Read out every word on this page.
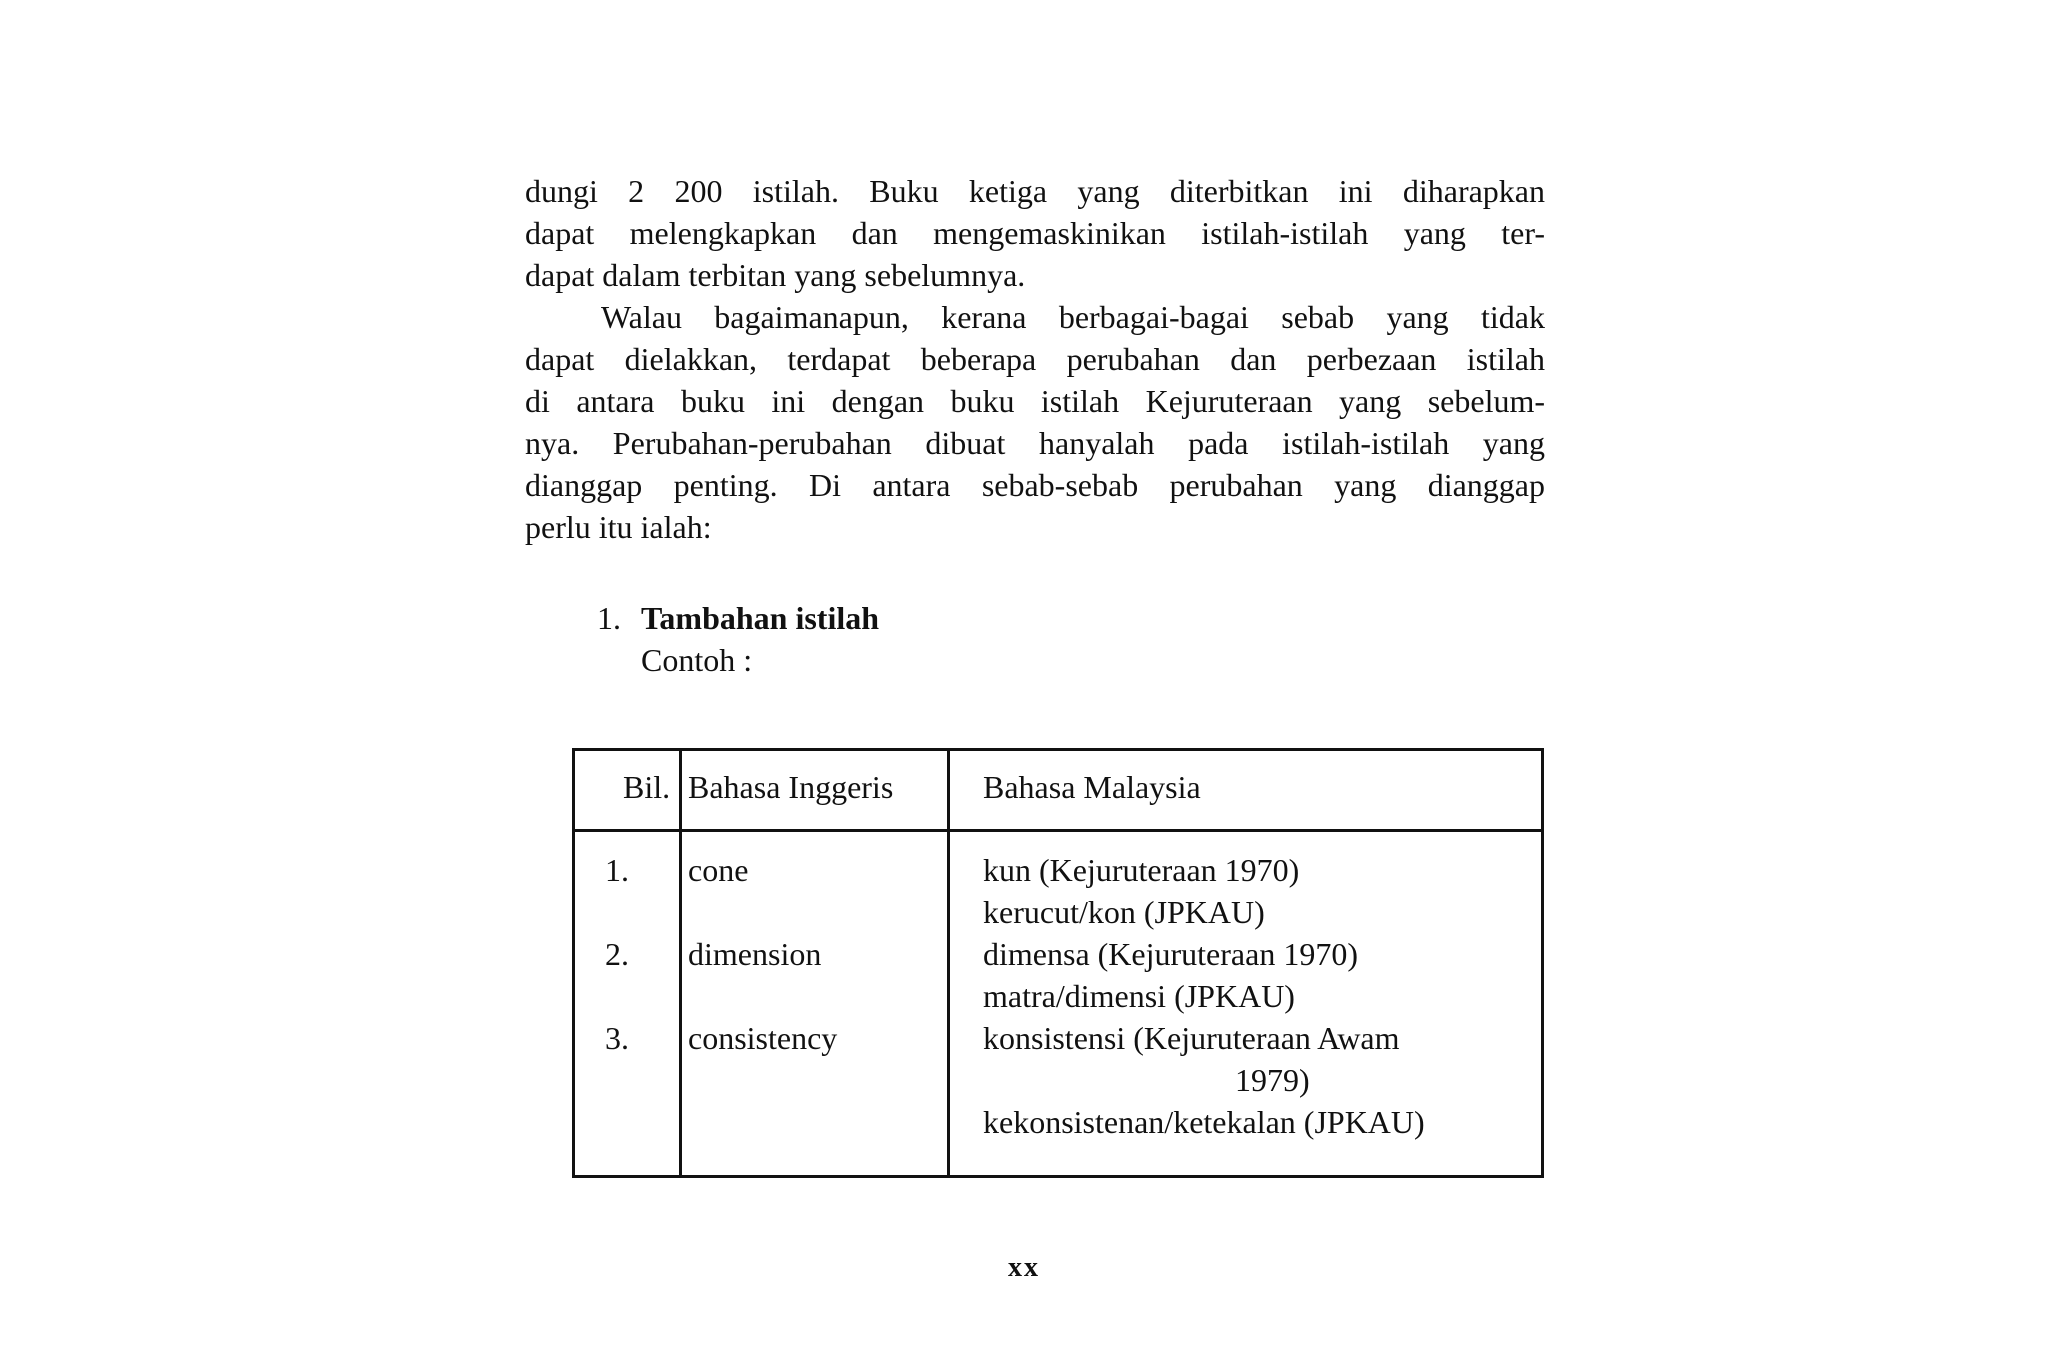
dungi 2 200 istilah. Buku ketiga yang diterbitkan ini diharapkan
dapat melengkapkan dan mengemaskinikan istilah-istilah yang ter-
dapat dalam terbitan yang sebelumnya.
Walau bagaimanapun, kerana berbagai-bagai sebab yang tidak
dapat dielakkan, terdapat beberapa perubahan dan perbezaan istilah
di antara buku ini dengan buku istilah Kejuruteraan yang sebelum-
nya. Perubahan-perubahan dibuat hanyalah pada istilah-istilah yang
dianggap penting. Di antara sebab-sebab perubahan yang dianggap
perlu itu ialah:
1. Tambahan istilah
Contoh :
Bil. Bahasa Inggeris	Bahasa Malaysia
1.	cone	kun (Kejuruteraan 1970)
kerucut/kon (JPKAU)
2.	dimension	dimensa (Kejuruteraan 1970)
matra/dimensi (JPKAU)
3.	consistency	konsistensi (Kejuruteraan Awam
1979)
kekonsistenan/ketekalan (JPKAU)
xx
